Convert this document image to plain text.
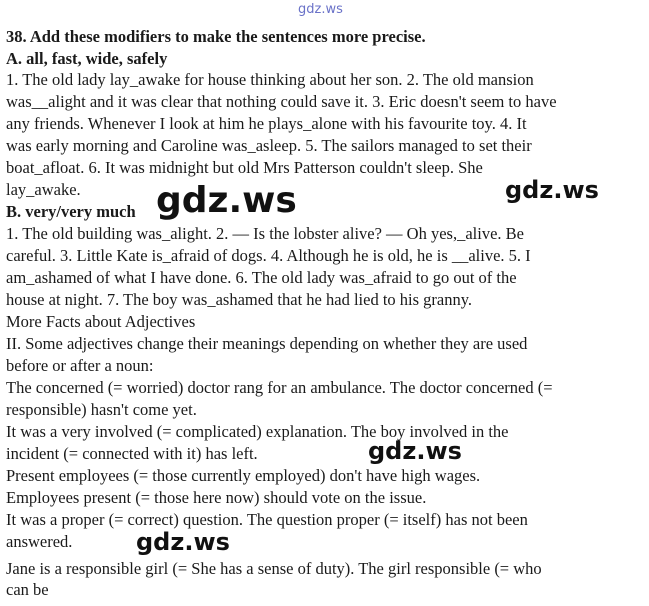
gdz.ws
38. Add these modifiers to make the sentences more precise.
A. all, fast, wide, safely
1. The old lady lay_awake for house thinking about her son. 2. The old mansion
was__alight and it was clear that nothing could save it. 3. Eric doesn't seem to have
any friends. Whenever I look at him he plays_alone with his favourite toy. 4. It
was early morning and Caroline was_asleep. 5. The sailors managed to set their
boat_afloat. 6. It was midnight but old Mrs Patterson couldn't sleep. She
lay_awake.
B. very/very much
1. The old building was_alight. 2. — Is the lobster alive? — Oh yes,_alive. Be
careful. 3. Little Kate is_afraid of dogs. 4. Although he is old, he is __alive. 5. I
am_ashamed of what I have done. 6. The old lady was_afraid to go out of the
house at night. 7. The boy was_ashamed that he had lied to his granny.
More Facts about Adjectives
II. Some adjectives change their meanings depending on whether they are used
before or after a noun:
The concerned (= worried) doctor rang for an ambulance. The doctor concerned (=
responsible) hasn't come yet.
It was a very involved (= complicated) explanation. The boy involved in the
incident (= connected with it) has left.
Present employees (= those currently employed) don't have high wages.
Employees present (= those here now) should vote on the issue.
It was a proper (= correct) question. The question proper (= itself) has not been
answered.
Jane is a responsible girl (= She has a sense of duty). The girl responsible (= who
can be
gdz.ws	gdz.ws
gdz.ws
gdz.ws
